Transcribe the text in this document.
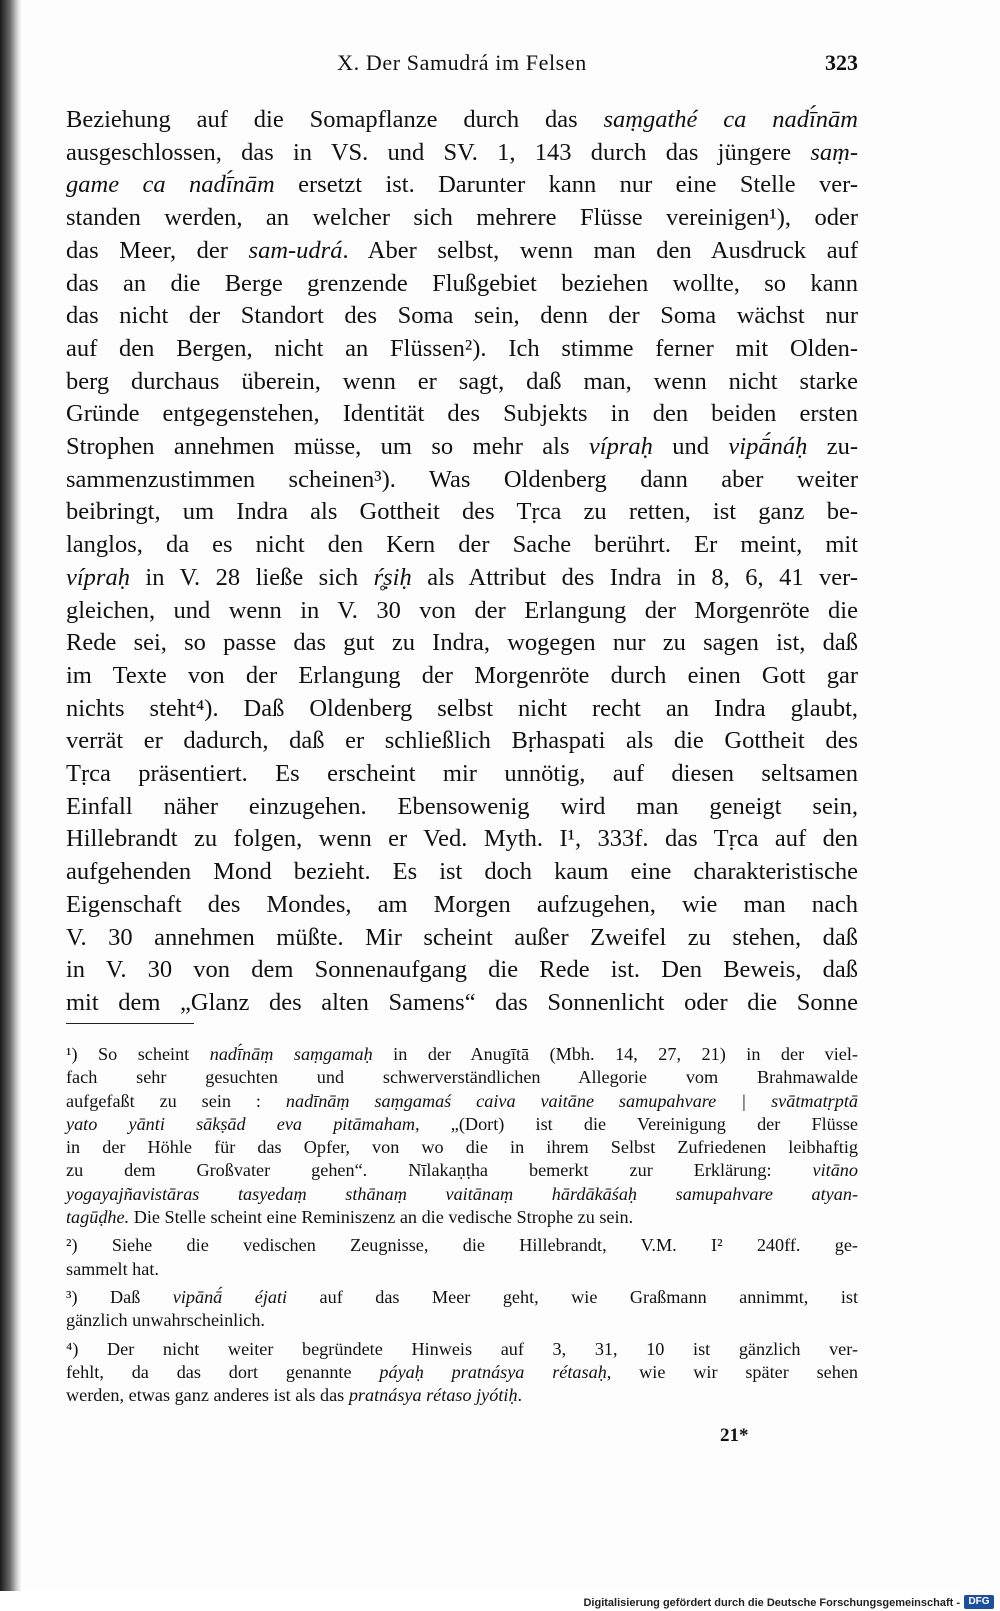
X. Der Samudrá im Felsen	323
Beziehung auf die Somapflanze durch das saṃgathé ca nadī́nām
ausgeschlossen, das in VS. und SV. 1, 143 durch das jüngere saṃ-
game ca nadī́nām ersetzt ist. Darunter kann nur eine Stelle ver-
standen werden, an welcher sich mehrere Flüsse vereinigen¹), oder
das Meer, der sam-udrá. Aber selbst, wenn man den Ausdruck auf
das an die Berge grenzende Flußgebiet beziehen wollte, so kann
das nicht der Standort des Soma sein, denn der Soma wächst nur
auf den Bergen, nicht an Flüssen²). Ich stimme ferner mit Olden-
berg durchaus überein, wenn er sagt, daß man, wenn nicht starke
Gründe entgegenstehen, Identität des Subjekts in den beiden ersten
Strophen annehmen müsse, um so mehr als vípraḥ und vipā́náḥ zu-
sammenzustimmen scheinen³). Was Oldenberg dann aber weiter
beibringt, um Indra als Gottheit des Tṛca zu retten, ist ganz be-
langlos, da es nicht den Kern der Sache berührt. Er meint, mit
vípraḥ in V. 28 ließe sich ŕ̥ṣiḥ als Attribut des Indra in 8, 6, 41 ver-
gleichen, und wenn in V. 30 von der Erlangung der Morgenröte die
Rede sei, so passe das gut zu Indra, wogegen nur zu sagen ist, daß
im Texte von der Erlangung der Morgenröte durch einen Gott gar
nichts steht⁴). Daß Oldenberg selbst nicht recht an Indra glaubt,
verrät er dadurch, daß er schließlich Bṛhaspati als die Gottheit des
Tṛca präsentiert. Es erscheint mir unnötig, auf diesen seltsamen
Einfall näher einzugehen. Ebensowenig wird man geneigt sein,
Hillebrandt zu folgen, wenn er Ved. Myth. I¹, 333f. das Tṛca auf den
aufgehenden Mond bezieht. Es ist doch kaum eine charakteristische
Eigenschaft des Mondes, am Morgen aufzugehen, wie man nach
V. 30 annehmen müßte. Mir scheint außer Zweifel zu stehen, daß
in V. 30 von dem Sonnenaufgang die Rede ist. Den Beweis, daß
mit dem „Glanz des alten Samens“ das Sonnenlicht oder die Sonne
¹) So scheint nadī́nāṃ saṃgamaḥ in der Anugītā (Mbh. 14, 27, 21) in der viel-
fach sehr gesuchten und schwerverständlichen Allegorie vom Brahmawalde
aufgefaßt zu sein : nadīnāṃ saṃgamaś caiva vaitāne samupahvare | svātmatṛptā
yato yānti sākṣād eva pitāmaham, „(Dort) ist die Vereinigung der Flüsse
in der Höhle für das Opfer, von wo die in ihrem Selbst Zufriedenen leibhaftig
zu dem Großvater gehen“. Nīlakaṇṭha bemerkt zur Erklärung: vitāno
yogayajñavistāras tasyedaṃ sthānaṃ vaitānaṃ hārdākāśaḥ samupahvare atyan-
tagūḍhe. Die Stelle scheint eine Reminiszenz an die vedische Strophe zu sein.
²) Siehe die vedischen Zeugnisse, die Hillebrandt, V.M. I² 240ff. ge-
sammelt hat.
³) Daß vipānā́ éjati auf das Meer geht, wie Graßmann annimmt, ist
gänzlich unwahrscheinlich.
⁴) Der nicht weiter begründete Hinweis auf 3, 31, 10 ist gänzlich ver-
fehlt, da das dort genannte páyaḥ pratnásya rétasaḥ, wie wir später sehen
werden, etwas ganz anderes ist als das pratnásya rétaso jyótiḥ.
21*
Digitalisierung gefördert durch die Deutsche Forschungsgemeinschaft - DFG
